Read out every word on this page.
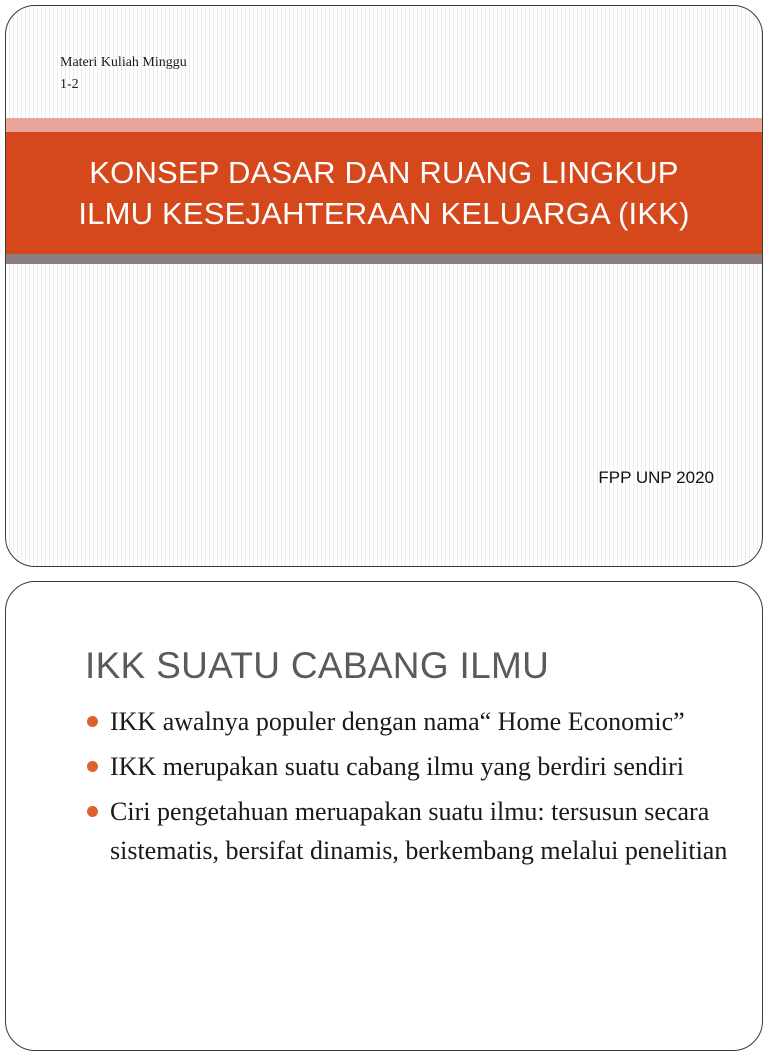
Materi Kuliah Minggu
1-2

KONSEP DASAR DAN RUANG LINGKUP
ILMU KESEJAHTERAAN KELUARGA (IKK)

FPP UNP 2020

IKK SUATU CABANG ILMU
IKK awalnya populer dengan nama“ Home Economic”
IKK merupakan suatu cabang ilmu yang berdiri sendiri
Ciri pengetahuan meruapakan suatu ilmu: tersusun secara sistematis, bersifat dinamis, berkembang melalui penelitian
